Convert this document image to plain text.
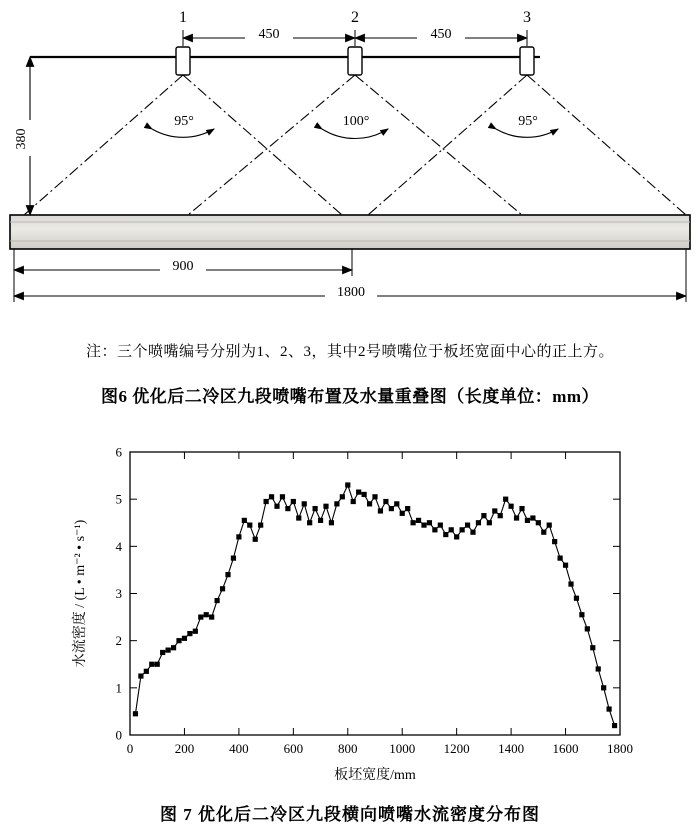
1	2	3
450	450
380
95°	100°	95°
900
1800
注：三个喷嘴编号分别为1、2、3，其中2号喷嘴位于板坯宽面中心的正上方。
图6 优化后二冷区九段喷嘴布置及水量重叠图（长度单位：mm）
0	200	400	600	800 1000 1200 1400 1600 1800
0
1
2
3
4
5
6
板坯宽度/mm
水流密度 / (L • m⁻² • s⁻¹)
图 7 优化后二冷区九段横向喷嘴水流密度分布图
